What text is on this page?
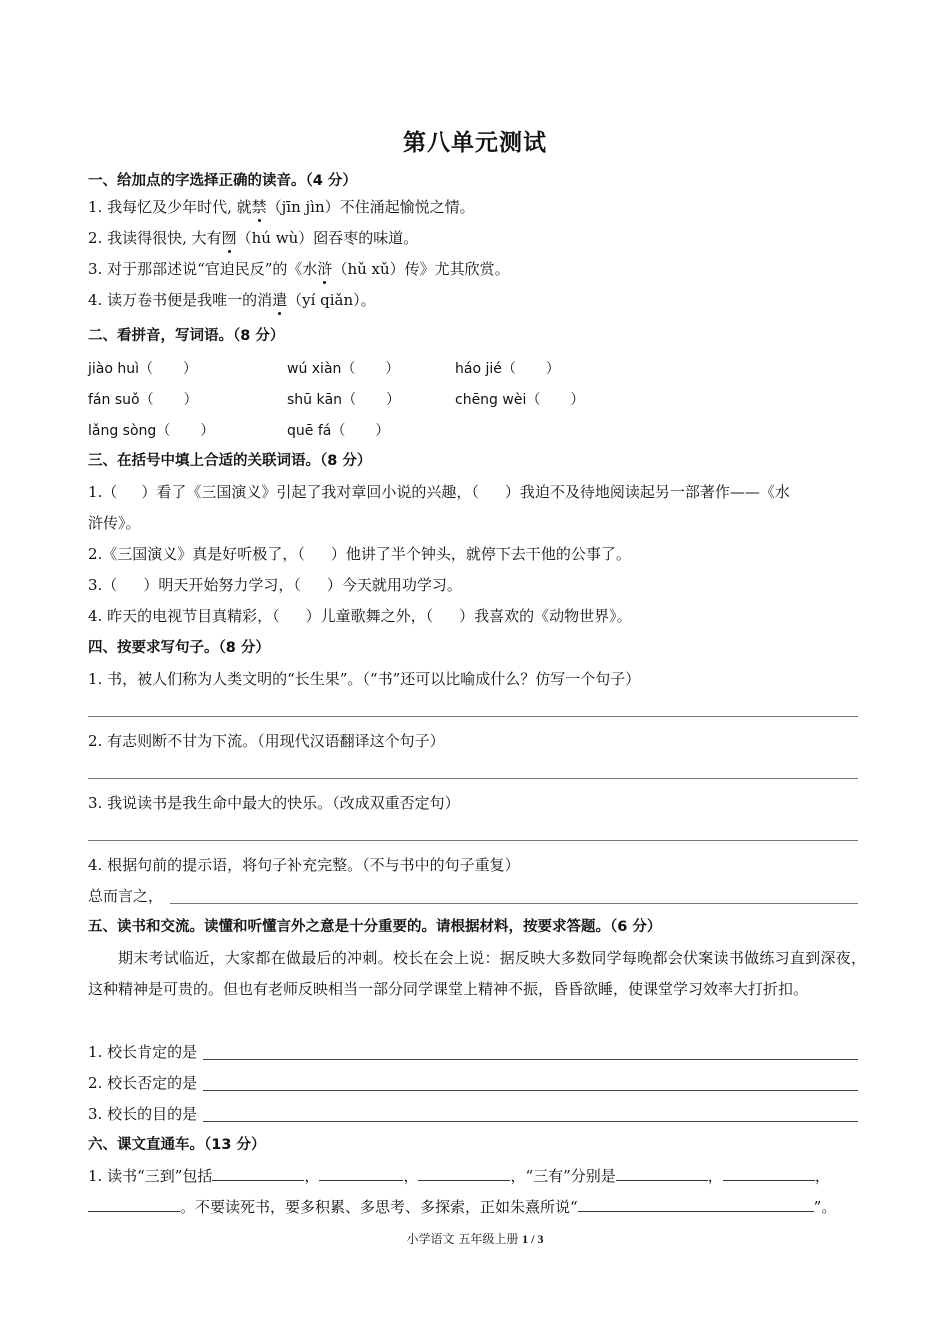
第八单元测试
一、给加点的字选择正确的读音。（4 分）
1. 我每忆及少年时代, 就禁（jīn jìn）不住涌起愉悦之情。
2. 我读得很快, 大有囫（hú wù）囵吞枣的味道。
3. 对于那部述说“官迫民反”的《水浒（hǔ xǔ）传》尤其欣赏。
4. 读万卷书便是我唯一的消遣（yí qiǎn）。
二、看拼音，写词语。（8 分）
jiào huì（ ）	wú xiàn（ ）	háo jié（ ）
fán suǒ（ ）	shū kān（ ）	chēng wèi（ ）
lǎng sòng（ ）	quē fá（ ）
三、在括号中填上合适的关联词语。（8 分）
1.（ ）看了《三国演义》引起了我对章回小说的兴趣，（ ）我迫不及待地阅读起另一部著作——《水
浒传》。
2.《三国演义》真是好听极了，（ ）他讲了半个钟头，就停下去干他的公事了。
3.（ ）明天开始努力学习，（ ）今天就用功学习。
4. 昨天的电视节目真精彩，（ ）儿童歌舞之外，（ ）我喜欢的《动物世界》。
四、按要求写句子。（8 分）
1. 书，被人们称为人类文明的“长生果”。（“书”还可以比喻成什么？仿写一个句子）
2. 有志则断不甘为下流。（用现代汉语翻译这个句子）
3. 我说读书是我生命中最大的快乐。（改成双重否定句）
4. 根据句前的提示语，将句子补充完整。（不与书中的句子重复）
总而言之，
五、读书和交流。读懂和听懂言外之意是十分重要的。请根据材料，按要求答题。（6 分）
期末考试临近，大家都在做最后的冲刺。校长在会上说：据反映大多数同学每晚都会伏案读书做练习直到深夜，这种精神是可贵的。但也有老师反映相当一部分同学课堂上精神不振，昏昏欲睡，使课堂学习效率大打折扣。
1. 校长肯定的是
2. 校长否定的是
3. 校长的目的是
六、课文直通车。（13 分）
1. 读书“三到”包括	，	，	，“三有”分别是	，	，
。不要读死书，要多积累、多思考、多探索，正如朱熹所说“	”。
小学语文 五年级上册 1 / 3
